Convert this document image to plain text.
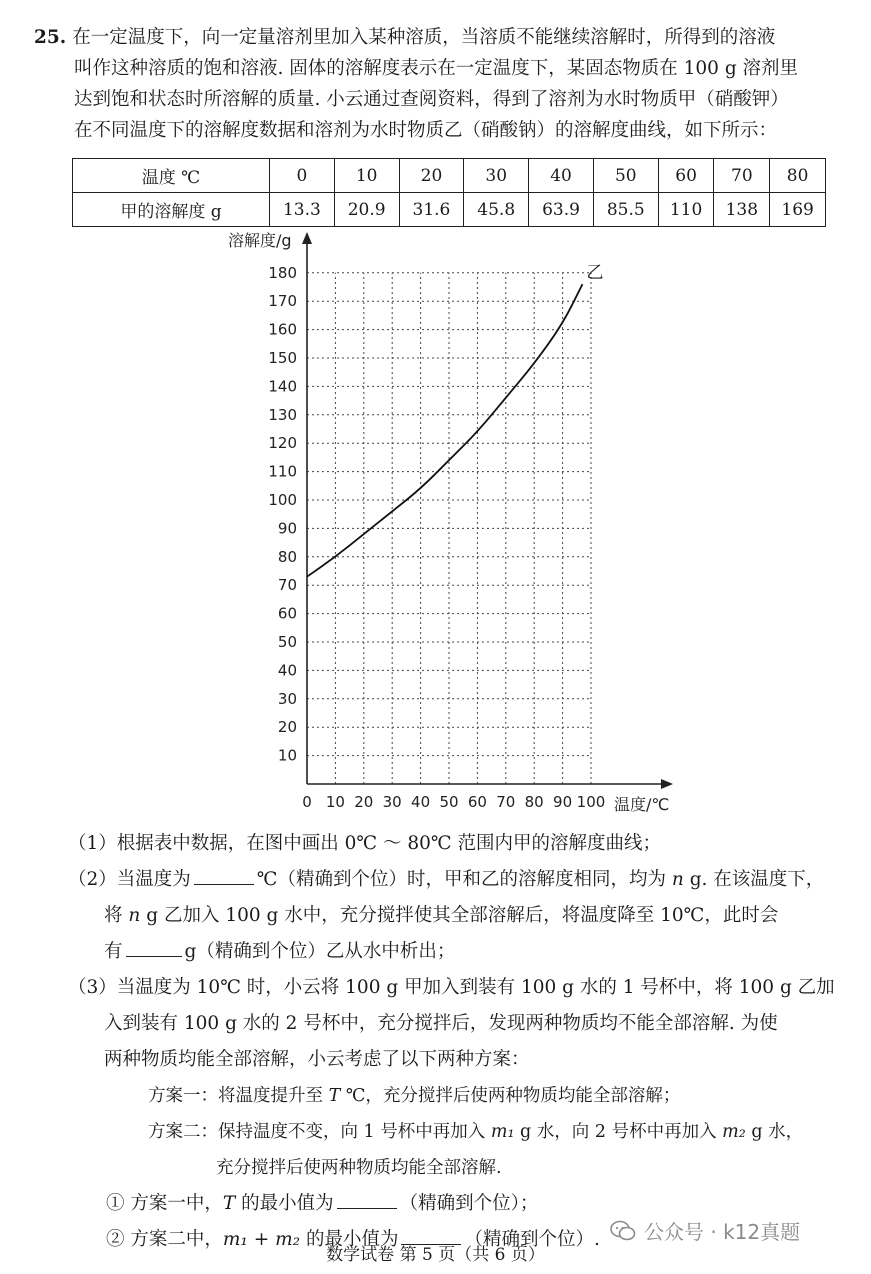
25. 在一定温度下，向一定量溶剂里加入某种溶质，当溶质不能继续溶解时，所得到的溶液

叫作这种溶质的饱和溶液. 固体的溶解度表示在一定温度下，某固态物质在 100 g 溶剂里

达到饱和状态时所溶解的质量. 小云通过查阅资料，得到了溶剂为水时物质甲（硝酸钾）

在不同温度下的溶解度数据和溶剂为水时物质乙（硝酸钠）的溶解度曲线，如下所示：

温度 ℃	0	10	20	30	40	50	60	70	80
甲的溶解度 g	13.3	20.9	31.6	45.8	63.9	85.5	110	138	169
溶解度/g
温度/℃
0 10 20 30 40 50 60 70 80 90 100
10
20
30
40
50
60
70
80
90
100
110
120
130
140
150
160
170
180	乙

（1）根据表中数据，在图中画出 0℃ ～ 80℃ 范围内甲的溶解度曲线；

（2）当温度为	℃（精确到个位）时，甲和乙的溶解度相同，均为 n g. 在该温度下，

将 n g 乙加入 100 g 水中，充分搅拌使其全部溶解后，将温度降至 10℃，此时会

有	g（精确到个位）乙从水中析出；

（3）当温度为 10℃ 时，小云将 100 g 甲加入到装有 100 g 水的 1 号杯中，将 100 g 乙加

入到装有 100 g 水的 2 号杯中，充分搅拌后，发现两种物质均不能全部溶解. 为使

两种物质均能全部溶解，小云考虑了以下两种方案：

方案一：将温度提升至 T ℃，充分搅拌后使两种物质均能全部溶解；

方案二：保持温度不变，向 1 号杯中再加入 m₁ g 水，向 2 号杯中再加入 m₂ g 水，

充分搅拌后使两种物质均能全部溶解.

① 方案一中，T 的最小值为	（精确到个位）；

② 方案二中，m₁ + m₂ 的最小值为	（精确到个位）.	公众号 · k12真题
数学试卷 第 5 页（共 6 页）
